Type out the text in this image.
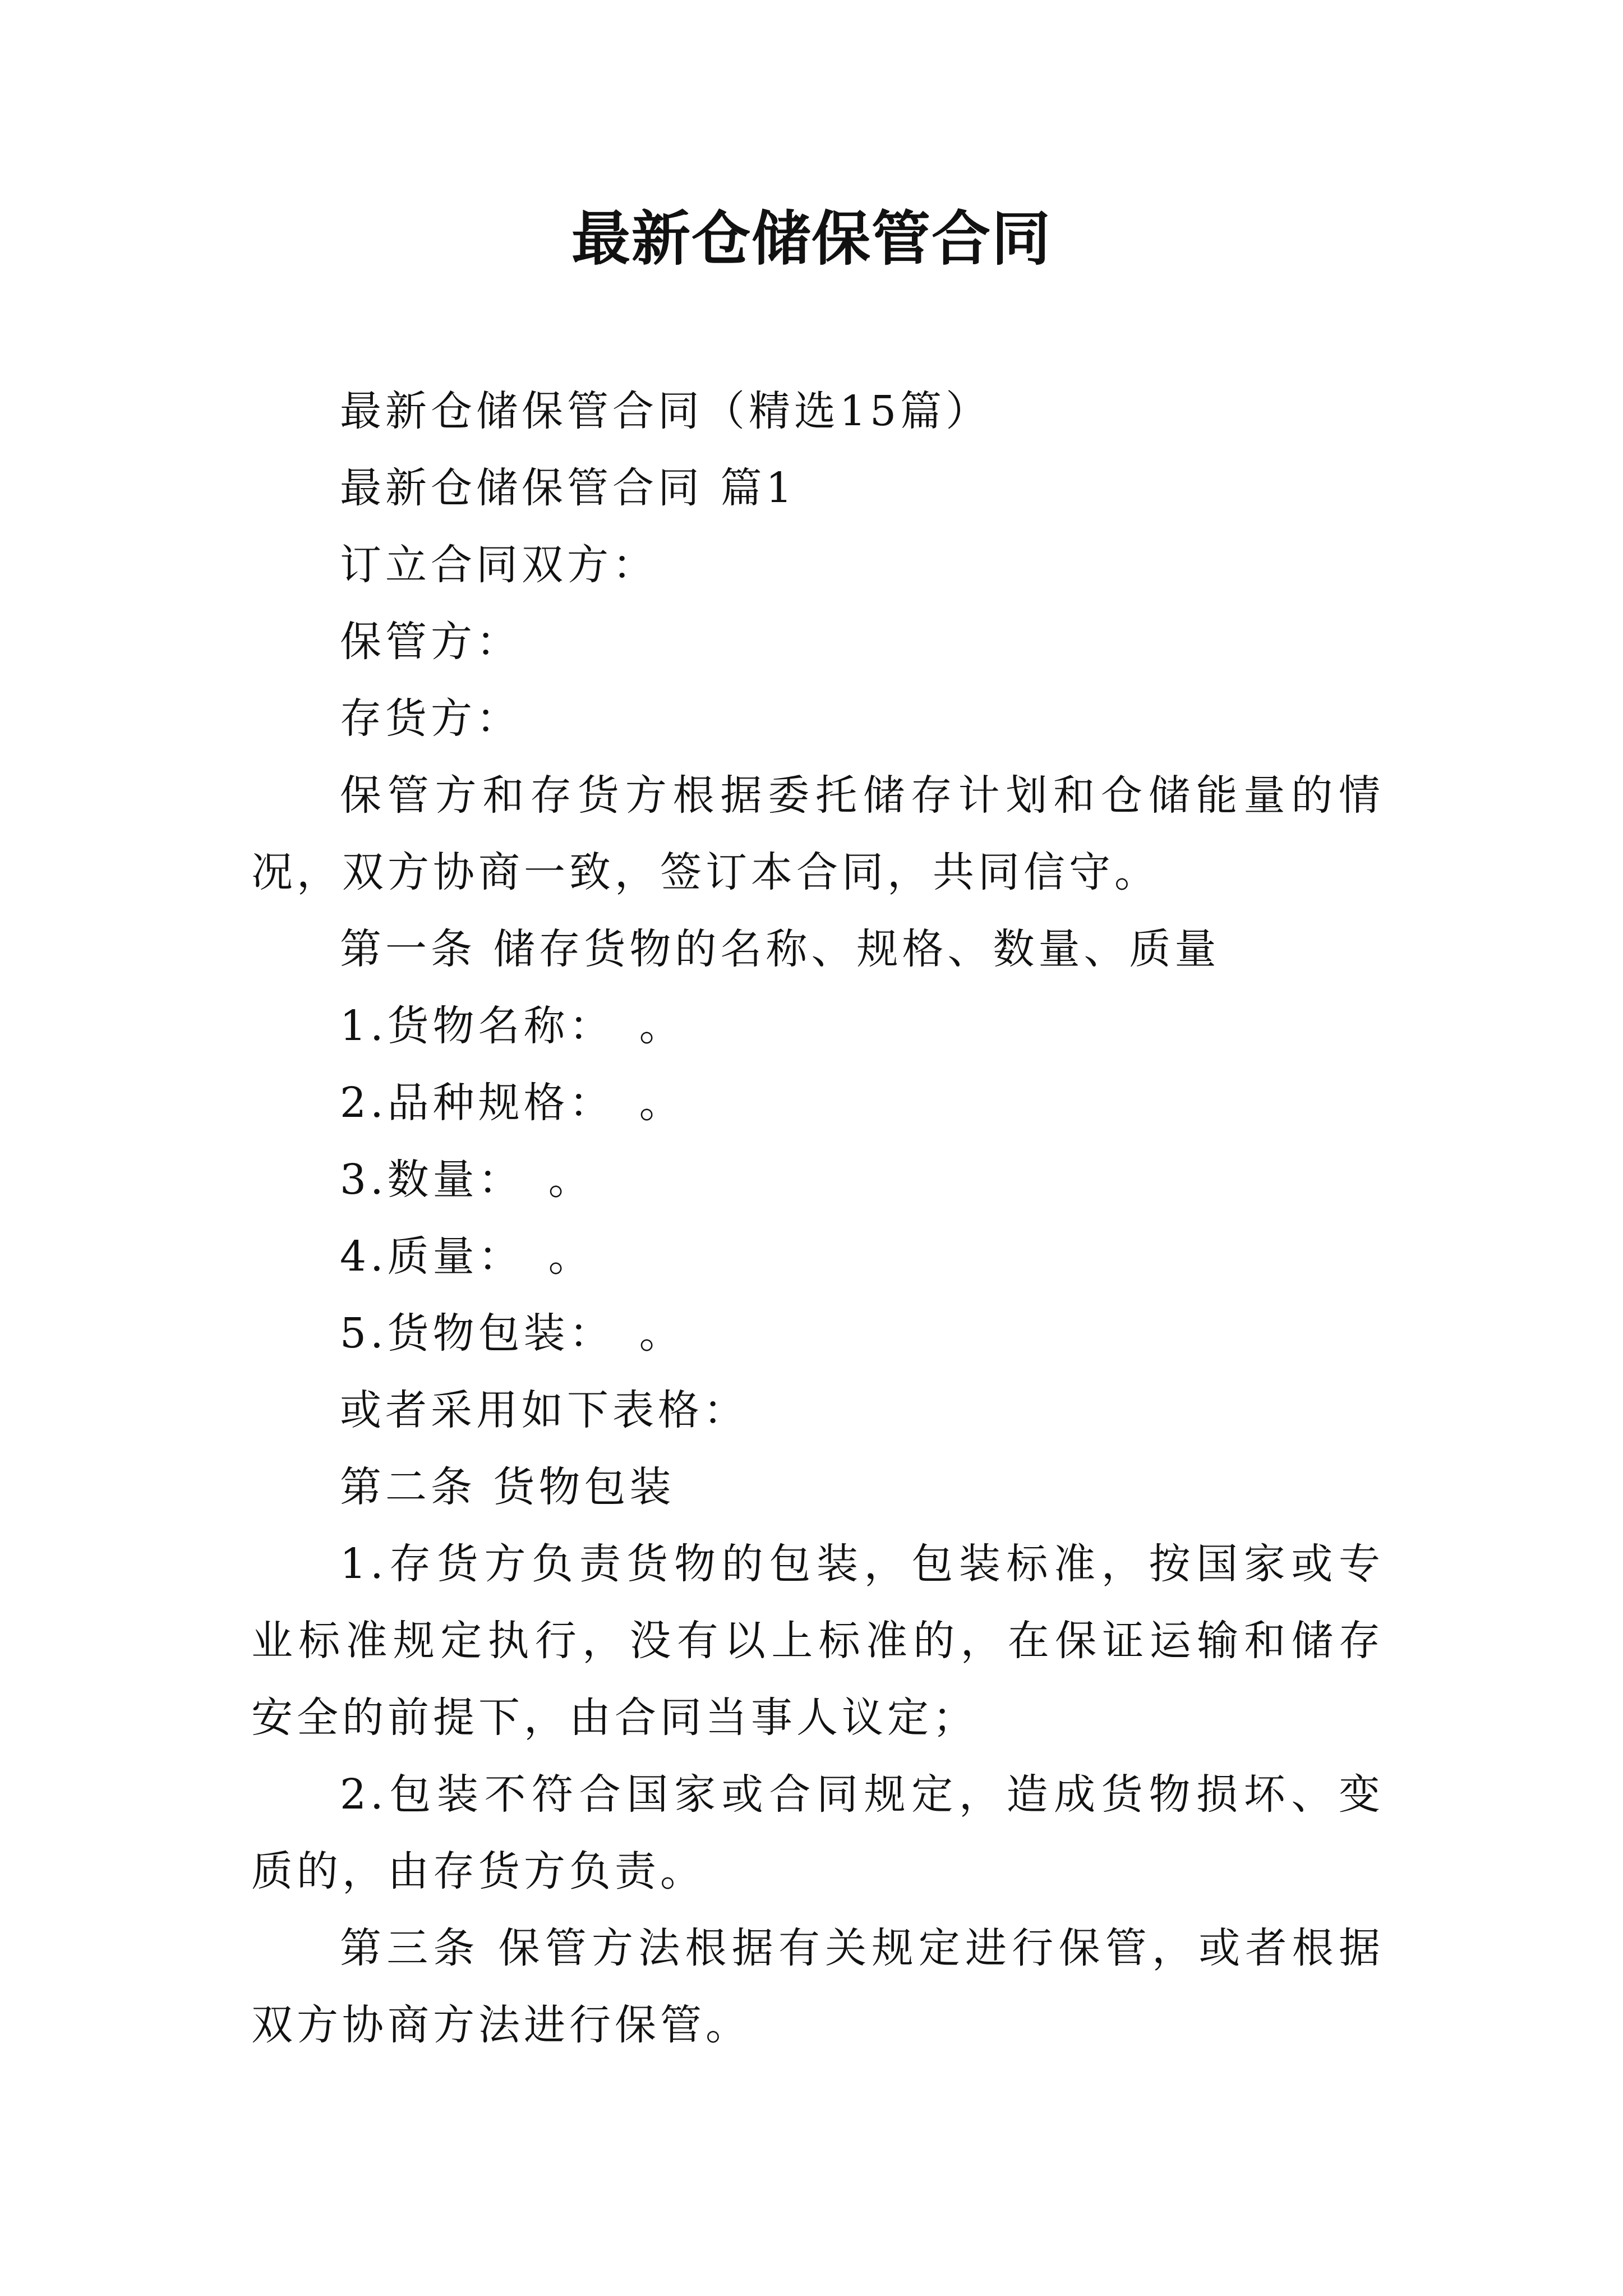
最新仓储保管合同

最新仓储保管合同（精选15篇）

最新仓储保管合同 篇1

订立合同双方：

保管方：

存货方：

保管方和存货方根据委托储存计划和仓储能量的情况，双方协商一致，签订本合同，共同信守。

第一条 储存货物的名称、规格、数量、质量

1.货物名称：　。

2.品种规格：　。

3.数量：　。

4.质量：　。

5.货物包装：　。

或者采用如下表格：

第二条 货物包装

1.存货方负责货物的包装，包装标准，按国家或专业标准规定执行，没有以上标准的，在保证运输和储存安全的前提下，由合同当事人议定；

2.包装不符合国家或合同规定，造成货物损坏、变质的，由存货方负责。

第三条 保管方法根据有关规定进行保管，或者根据双方协商方法进行保管。
